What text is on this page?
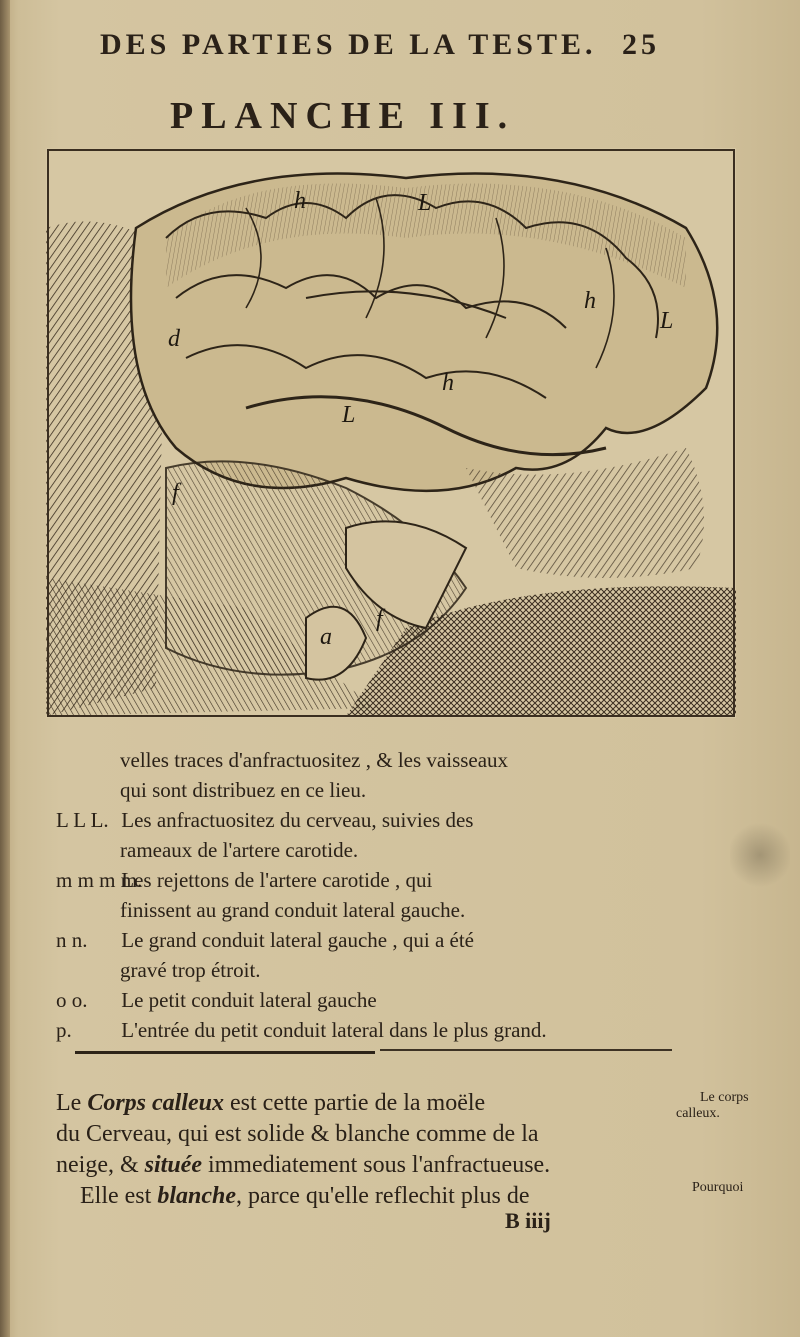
DES PARTIES DE LA TESTE. 25
PLANCHE III.
h	L
d
h
L
h
L
f
f
a
velles traces d'anfractuositez , & les vaisseaux
qui sont distribuez en ce lieu.
L L L. Les anfractuositez du cerveau, suivies des
rameaux de l'artere carotide.
m m m m. Les rejettons de l'artere carotide , qui
finissent au grand conduit lateral gauche.
n n. Le grand conduit lateral gauche , qui a été
gravé trop étroit.
o o. Le petit conduit lateral gauche
p. L'entrée du petit conduit lateral dans le plus grand.
Le Corps calleux est cette partie de la moële
du Cerveau, qui est solide & blanche comme de la
neige, & située immediatement sous l'anfractueuse.
Elle est blanche, parce qu'elle reflechit plus de
B iiij
Le corps
calleux.
Pourquoi
